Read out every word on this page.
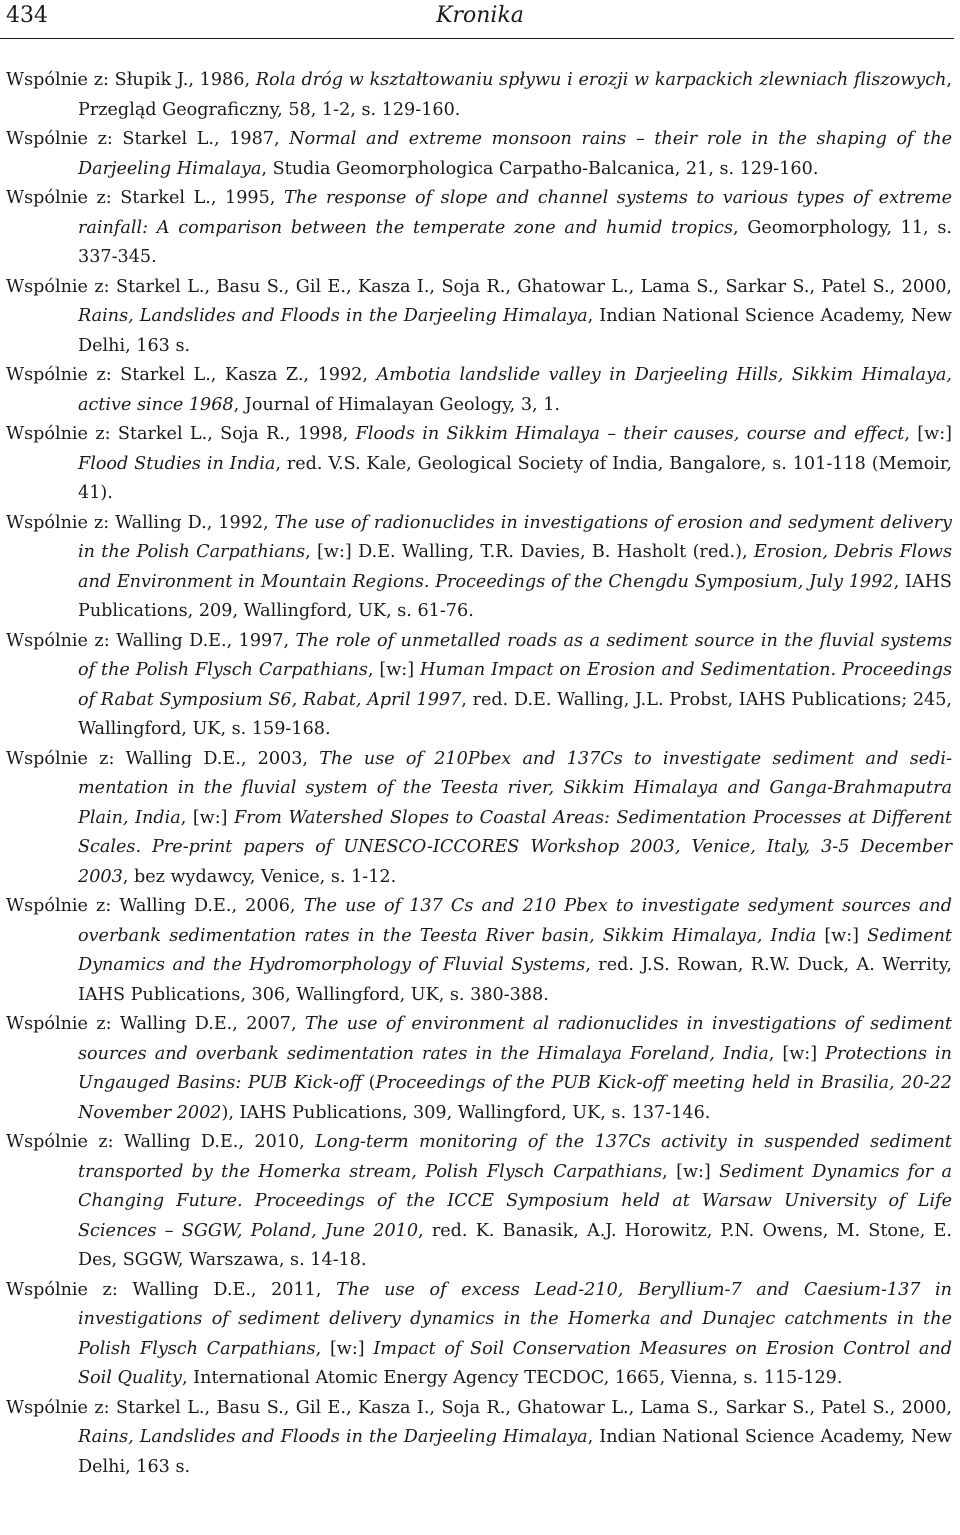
434	Kronika
Wspólnie z: Słupik J., 1986, Rola dróg w kształtowaniu spływu i erozji w karpackich zlewniach fliszowych, Przegląd Geograficzny, 58, 1-2, s. 129-160.
Wspólnie z: Starkel L., 1987, Normal and extreme monsoon rains – their role in the shaping of the Darjeeling Himalaya, Studia Geomorphologica Carpatho-Balcanica, 21, s. 129-160.
Wspólnie z: Starkel L., 1995, The response of slope and channel systems to various types of extreme rainfall: A comparison between the temperate zone and humid tropics, Geomorphology, 11, s. 337-345.
Wspólnie z: Starkel L., Basu S., Gil E., Kasza I., Soja R., Ghatowar L., Lama S., Sarkar S., Patel S., 2000, Rains, Landslides and Floods in the Darjeeling Himalaya, Indian National Science Academy, New Delhi, 163 s.
Wspólnie z: Starkel L., Kasza Z., 1992, Ambotia landslide valley in Darjeeling Hills, Sikkim Himalaya, active since 1968, Journal of Himalayan Geology, 3, 1.
Wspólnie z: Starkel L., Soja R., 1998, Floods in Sikkim Himalaya – their causes, course and effect, [w:] Flood Studies in India, red. V.S. Kale, Geological Society of India, Bangalore, s. 101-118 (Memoir, 41).
Wspólnie z: Walling D., 1992, The use of radionuclides in investigations of erosion and sedyment delivery in the Polish Carpathians, [w:] D.E. Walling, T.R. Davies, B. Hasholt (red.), Erosion, Debris Flows and Environment in Mountain Regions. Proceedings of the Chengdu Symposium, July 1992, IAHS Publications, 209, Wallingford, UK, s. 61-76.
Wspólnie z: Walling D.E., 1997, The role of unmetalled roads as a sediment source in the fluvial systems of the Polish Flysch Carpathians, [w:] Human Impact on Erosion and Sedimentation. Proceedings of Rabat Symposium S6, Rabat, April 1997, red. D.E. Walling, J.L. Probst, IAHS Publications; 245, Wallingford, UK, s. 159-168.
Wspólnie z: Walling D.E., 2003, The use of 210Pbex and 137Cs to investigate sediment and sedimentation in the fluvial system of the Teesta river, Sikkim Himalaya and Ganga-Brahmaputra Plain, India, [w:] From Watershed Slopes to Coastal Areas: Sedimentation Processes at Different Scales. Pre-print papers of UNESCO-ICCORES Workshop 2003, Venice, Italy, 3-5 December 2003, bez wydawcy, Venice, s. 1-12.
Wspólnie z: Walling D.E., 2006, The use of 137 Cs and 210 Pbex to investigate sedyment sources and overbank sedimentation rates in the Teesta River basin, Sikkim Himalaya, India [w:] Sediment Dynamics and the Hydromorphology of Fluvial Systems, red. J.S. Rowan, R.W. Duck, A. Werrity, IAHS Publications, 306, Wallingford, UK, s. 380-388.
Wspólnie z: Walling D.E., 2007, The use of environment al radionuclides in investigations of sediment sources and overbank sedimentation rates in the Himalaya Foreland, India, [w:] Protections in Ungauged Basins: PUB Kick-off (Proceedings of the PUB Kick-off meeting held in Brasilia, 20-22 November 2002), IAHS Publications, 309, Wallingford, UK, s. 137-146.
Wspólnie z: Walling D.E., 2010, Long-term monitoring of the 137Cs activity in suspended sediment transported by the Homerka stream, Polish Flysch Carpathians, [w:] Sediment Dynamics for a Changing Future. Proceedings of the ICCE Symposium held at Warsaw University of Life Sciences – SGGW, Poland, June 2010, red. K. Banasik, A.J. Horowitz, P.N. Owens, M. Stone, E. Des, SGGW, Warszawa, s. 14-18.
Wspólnie z: Walling D.E., 2011, The use of excess Lead-210, Beryllium-7 and Caesium-137 in investigations of sediment delivery dynamics in the Homerka and Dunajec catchments in the Polish Flysch Carpathians, [w:] Impact of Soil Conservation Measures on Erosion Control and Soil Quality, International Atomic Energy Agency TECDOC, 1665, Vienna, s. 115-129.
Wspólnie z: Starkel L., Basu S., Gil E., Kasza I., Soja R., Ghatowar L., Lama S., Sarkar S., Patel S., 2000, Rains, Landslides and Floods in the Darjeeling Himalaya, Indian National Science Academy, New Delhi, 163 s.
